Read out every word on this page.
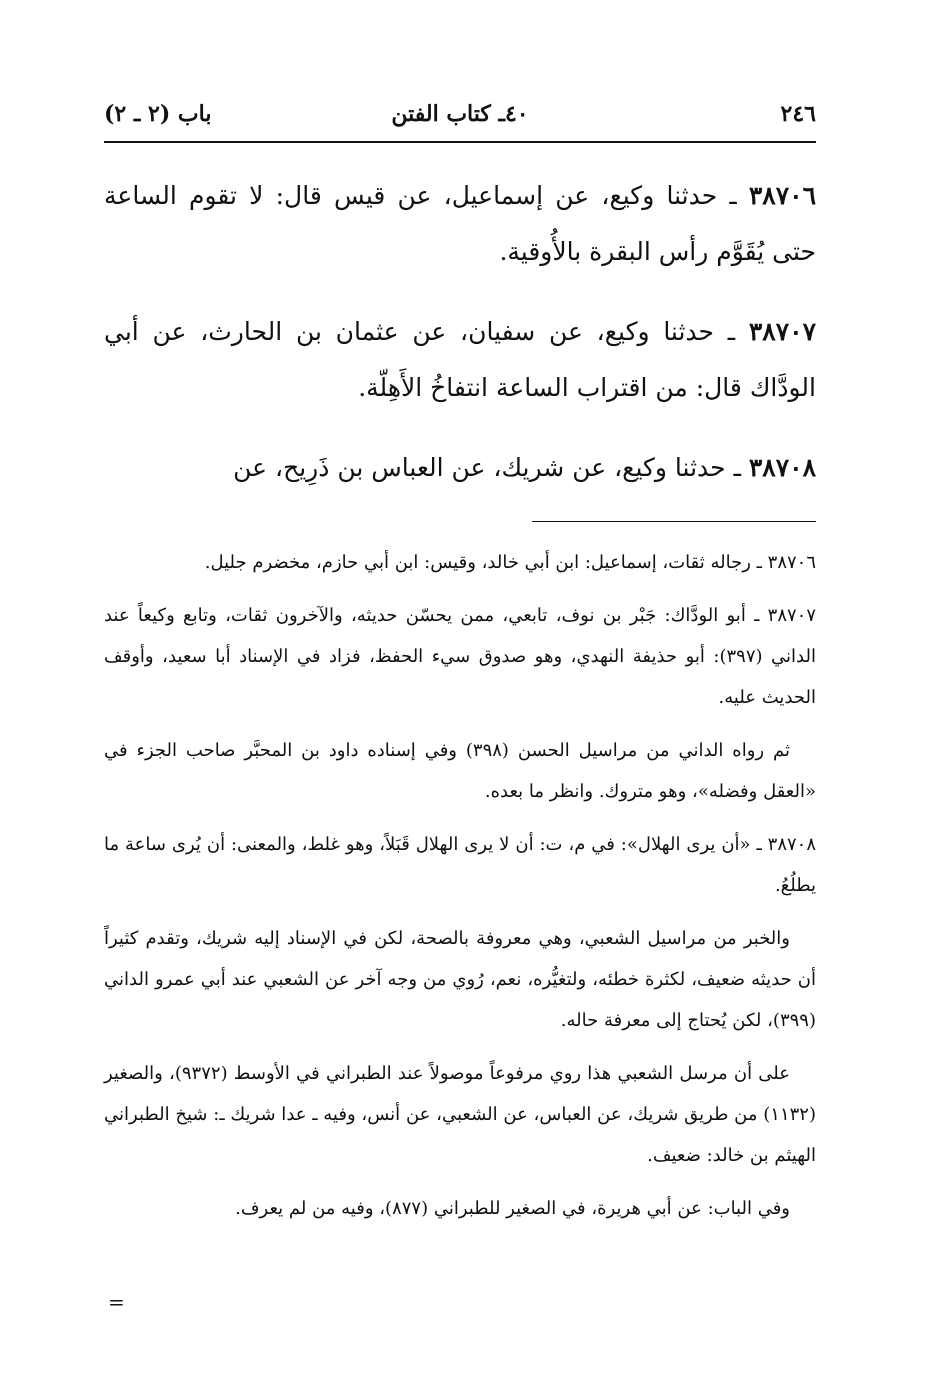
٢٤٦
٤٠ـ كتاب الفتن
باب (٢ ـ ٢)

٣٨٧٠٦ ـ حدثنا وكيع، عن إسماعيل، عن قيس قال: لا تقوم الساعة حتى يُقَوَّم رأس البقرة بالأُوقية.

٣٨٧٠٧ ـ حدثنا وكيع، عن سفيان، عن عثمان بن الحارث، عن أبي الودَّاك قال: من اقتراب الساعة انتفاخُ الأَهِلّة.

٣٨٧٠٨ ـ حدثنا وكيع، عن شريك، عن العباس بن ذَرِيح، عن

٣٨٧٠٦ ـ رجاله ثقات، إسماعيل: ابن أبي خالد، وقيس: ابن أبي حازم، مخضرم جليل.

٣٨٧٠٧ ـ أبو الودَّاك: جَبْر بن نوف، تابعي، ممن يحسّن حديثه، والآخرون ثقات، وتابع وكيعاً عند الداني (٣٩٧): أبو حذيفة النهدي، وهو صدوق سيء الحفظ، فزاد في الإسناد أبا سعيد، وأوقف الحديث عليه.

ثم رواه الداني من مراسيل الحسن (٣٩٨) وفي إسناده داود بن المحبَّر صاحب الجزء في «العقل وفضله»، وهو متروك. وانظر ما بعده.

٣٨٧٠٨ ـ «أن يرى الهلال»: في م، ت: أن لا يرى الهلال قَبَلاً، وهو غلط، والمعنى: أن يُرى ساعة ما يطلُعُ.

والخبر من مراسيل الشعبي، وهي معروفة بالصحة، لكن في الإسناد إليه شريك، وتقدم كثيراً أن حديثه ضعيف، لكثرة خطئه، ولتغيُّره، نعم، رُوي من وجه آخر عن الشعبي عند أبي عمرو الداني (٣٩٩)، لكن يُحتاج إلى معرفة حاله.

على أن مرسل الشعبي هذا روي مرفوعاً موصولاً عند الطبراني في الأوسط (٩٣٧٢)، والصغير (١١٣٢) من طريق شريك، عن العباس، عن الشعبي، عن أنس، وفيه ـ عدا شريك ـ: شيخ الطبراني الهيثم بن خالد: ضعيف.

وفي الباب: عن أبي هريرة، في الصغير للطبراني (٨٧٧)، وفيه من لم يعرف.

=
